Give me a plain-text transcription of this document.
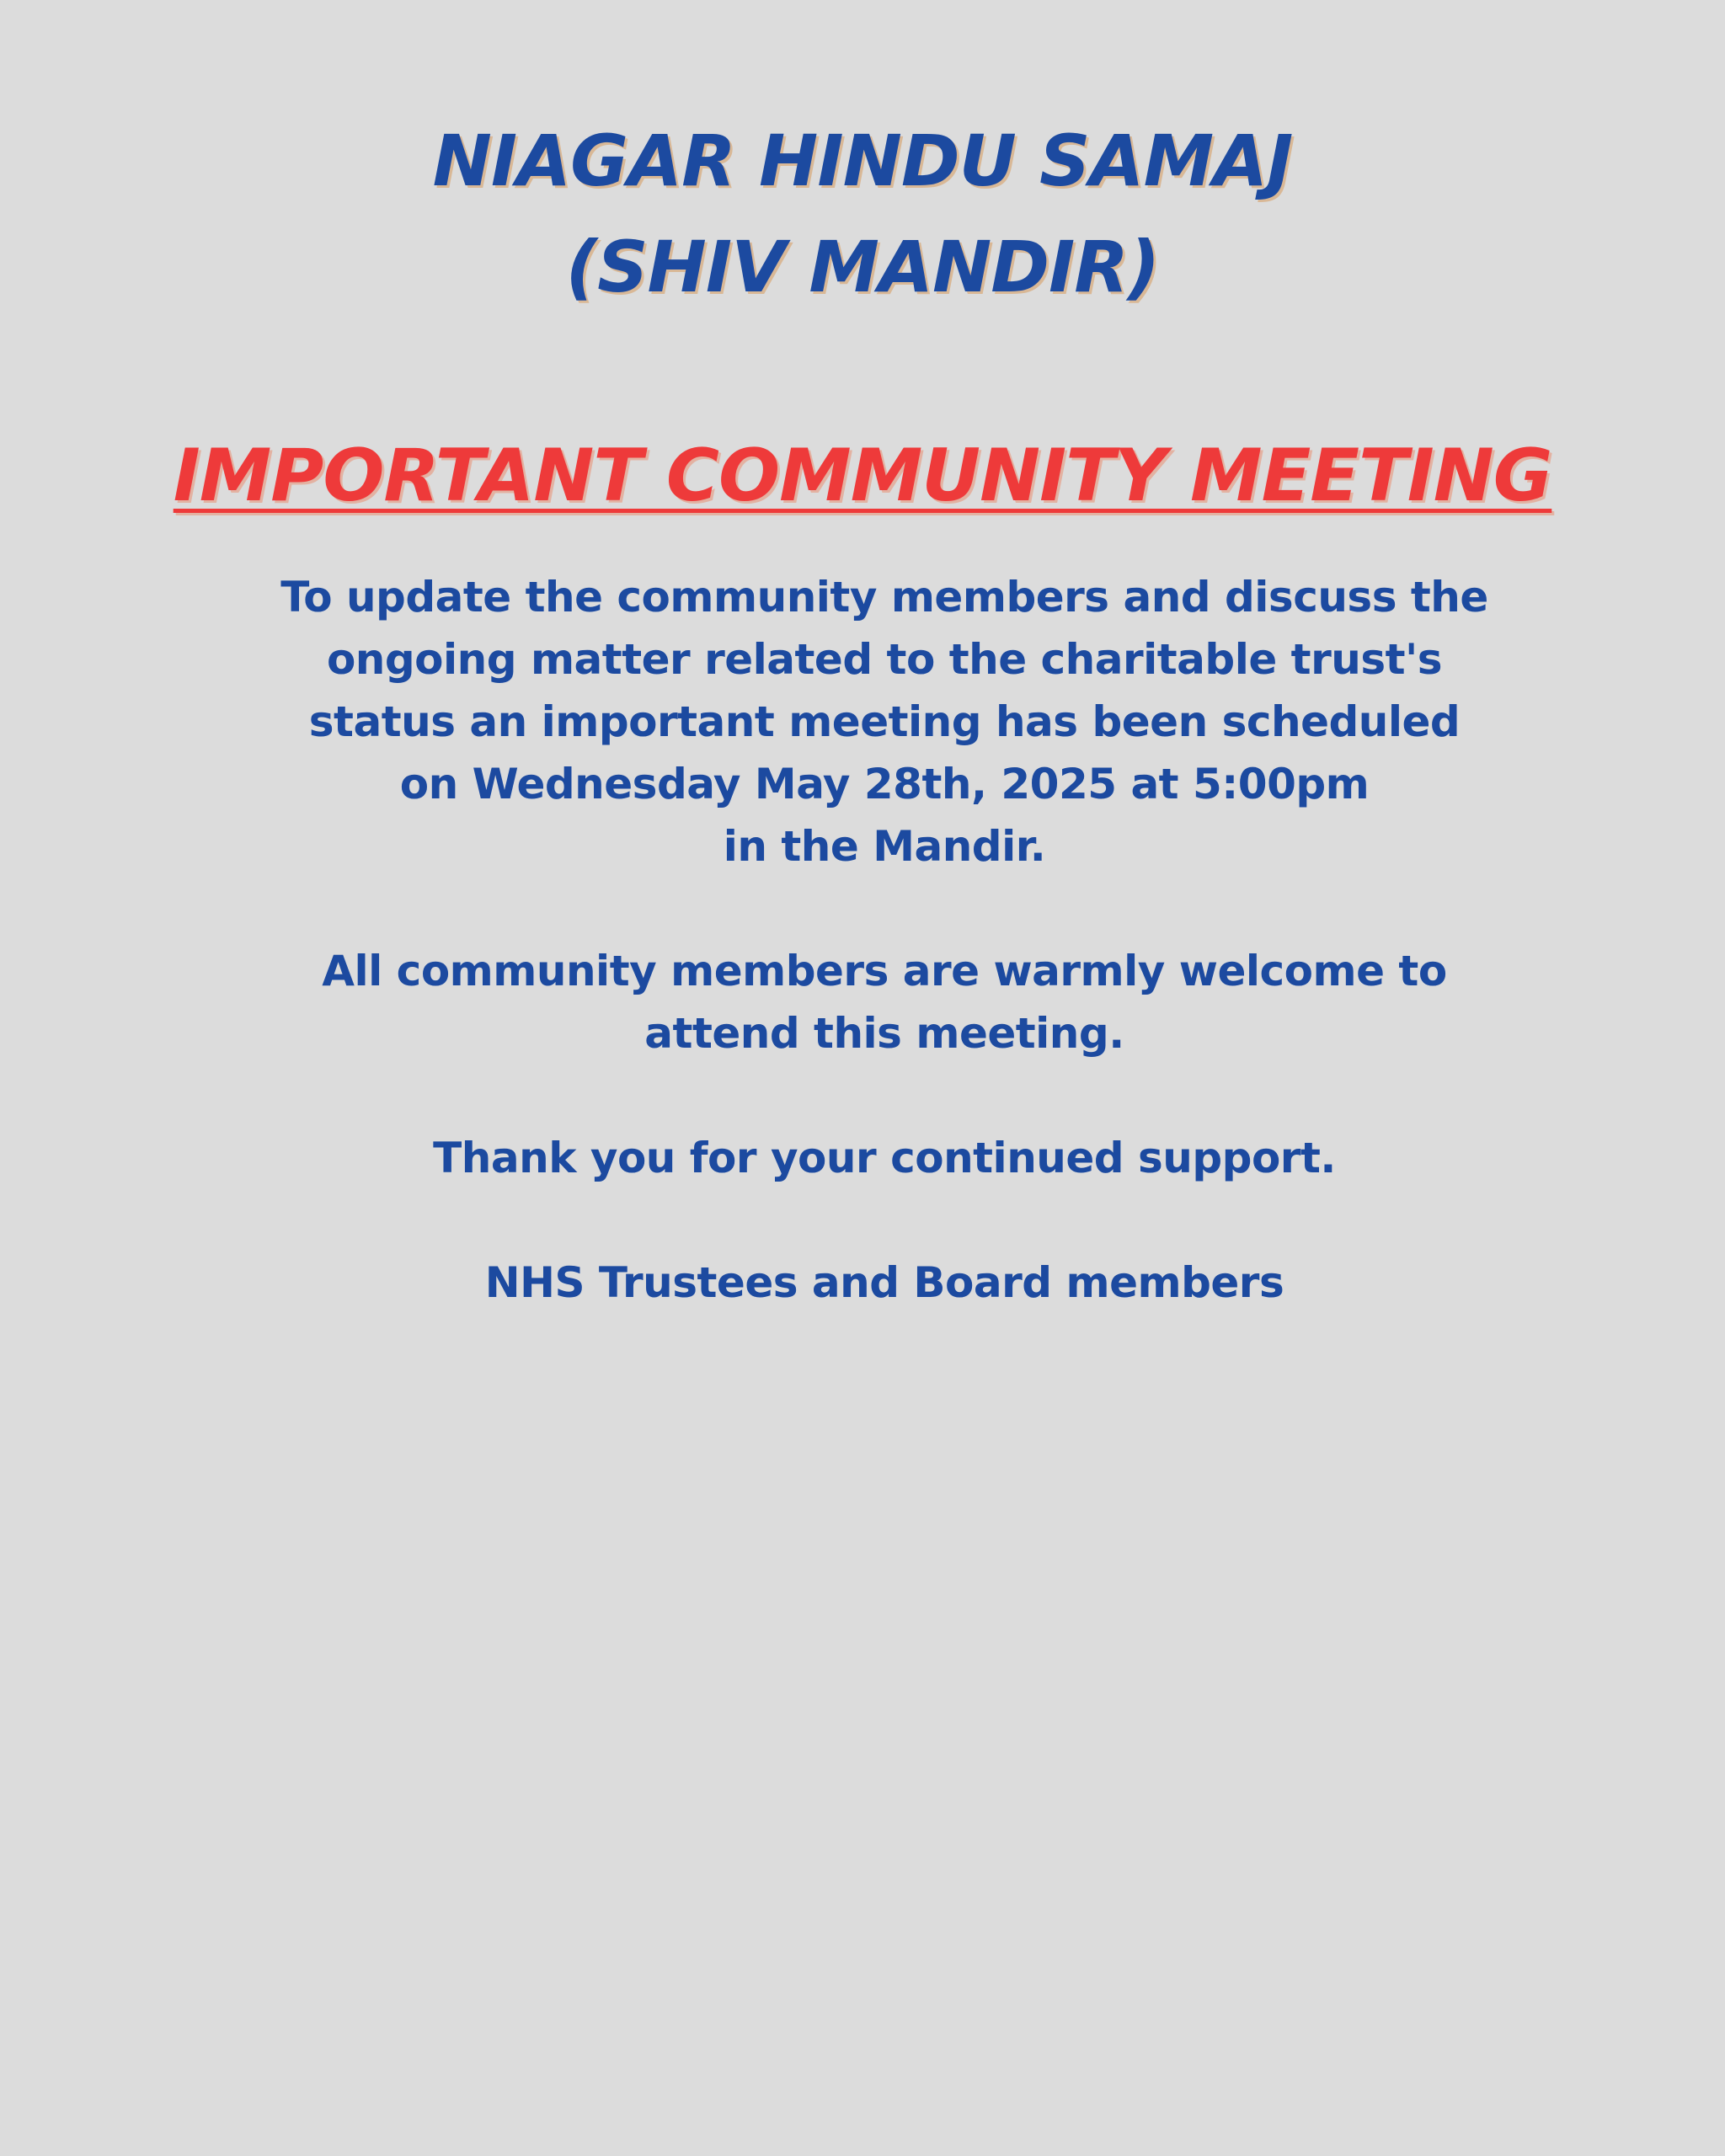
NIAGAR HINDU SAMAJ
(SHIV MANDIR)
IMPORTANT COMMUNITY MEETING
To update the community members and discuss the
ongoing matter related to the charitable trust's
status an important meeting has been scheduled
on Wednesday May 28th, 2025 at 5:00pm
in the Mandir.
All community members are warmly welcome to
attend this meeting.
Thank you for your continued support.
NHS Trustees and Board members
